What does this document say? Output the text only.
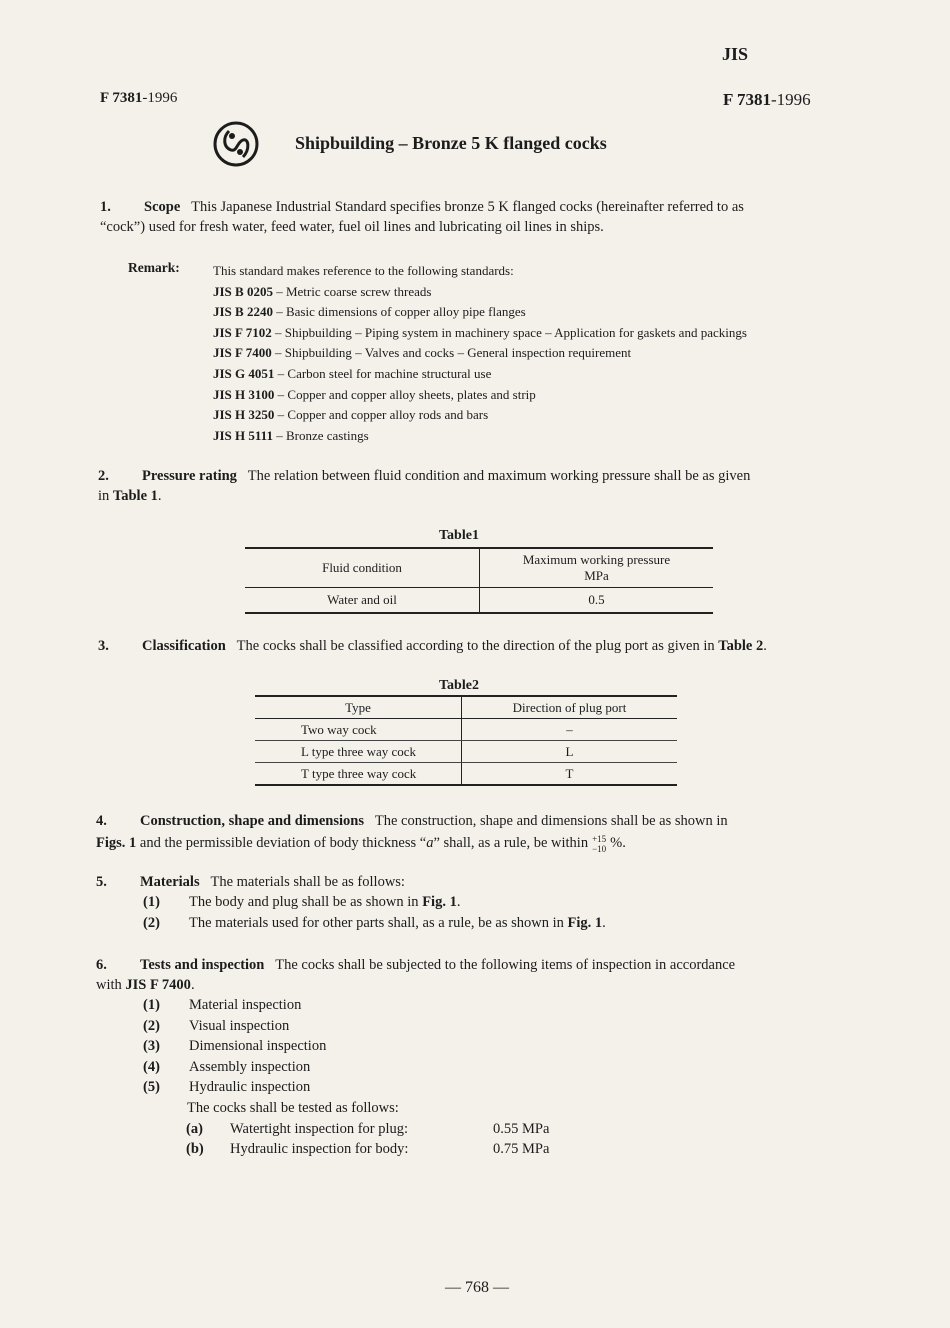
JIS
F 7381-1996	F 7381-1996
Shipbuilding – Bronze 5 K flanged cocks
1. Scope This Japanese Industrial Standard specifies bronze 5 K flanged cocks (hereinafter referred to as
“cock”) used for fresh water, feed water, fuel oil lines and lubricating oil lines in ships.
Remark:	This standard makes reference to the following standards:
JIS B 0205 – Metric coarse screw threads
JIS B 2240 – Basic dimensions of copper alloy pipe flanges
JIS F 7102 – Shipbuilding – Piping system in machinery space – Application for gaskets and packings
JIS F 7400 – Shipbuilding – Valves and cocks – General inspection requirement
JIS G 4051 – Carbon steel for machine structural use
JIS H 3100 – Copper and copper alloy sheets, plates and strip
JIS H 3250 – Copper and copper alloy rods and bars
JIS H 5111 – Bronze castings
2. Pressure rating The relation between fluid condition and maximum working pressure shall be as given
in Table 1.
Table1
Fluid condition	Maximum working pressure
MPa

Water and oil	0.5
3. Classification The cocks shall be classified according to the direction of the plug port as given in Table 2.
Table2
Type	Direction of plug port
Two way cock	–
L type three way cock	L
T type three way cock	T
4. Construction, shape and dimensions The construction, shape and dimensions shall be as shown in
Figs. 1 and the permissible deviation of body thickness “a” shall, as a rule, be within +15
−10 %.
5. Materials The materials shall be as follows:
(1) The body and plug shall be as shown in Fig. 1.
(2) The materials used for other parts shall, as a rule, be as shown in Fig. 1.
6. Tests and inspection The cocks shall be subjected to the following items of inspection in accordance
with JIS F 7400.
(1) Material inspection
(2) Visual inspection
(3) Dimensional inspection
(4) Assembly inspection
(5) Hydraulic inspection
The cocks shall be tested as follows:
(a) Watertight inspection for plug:	0.55 MPa
(b) Hydraulic inspection for body:	0.75 MPa
— 768 —
